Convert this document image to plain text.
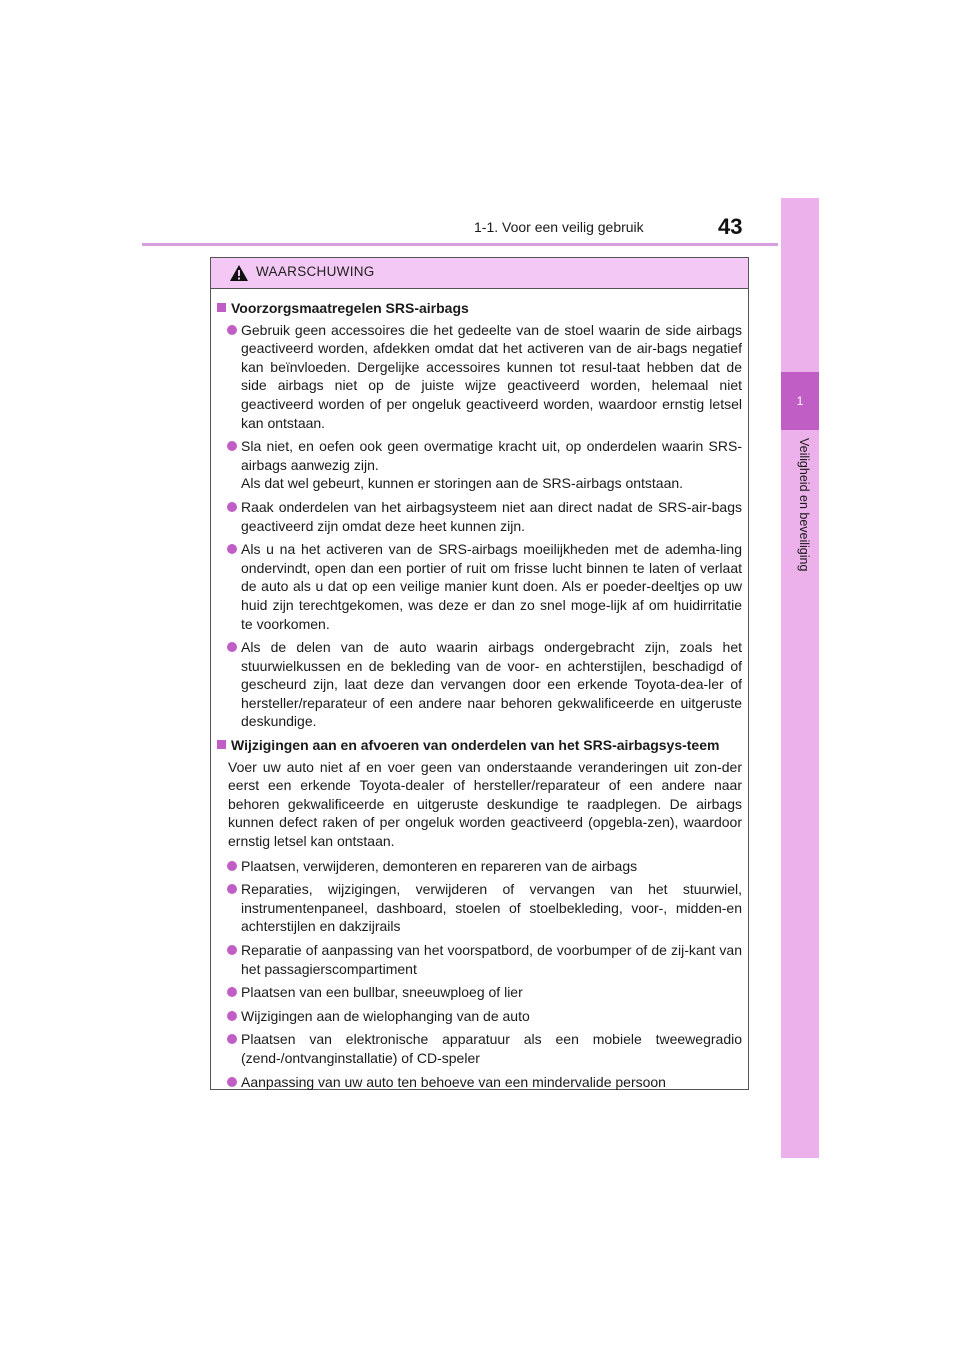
1-1. Voor een veilig gebruik	43
1
Veiligheid en beveiliging
WAARSCHUWING
Voorzorgsmaatregelen SRS-airbags
Gebruik geen accessoires die het gedeelte van de stoel waarin de side airbags geactiveerd worden, afdekken omdat dat het activeren van de air-bags negatief kan beïnvloeden. Dergelijke accessoires kunnen tot resul-taat hebben dat de side airbags niet op de juiste wijze geactiveerd worden, helemaal niet geactiveerd worden of per ongeluk geactiveerd worden, waardoor ernstig letsel kan ontstaan.
Sla niet, en oefen ook geen overmatige kracht uit, op onderdelen waarin SRS-airbags aanwezig zijn.
Als dat wel gebeurt, kunnen er storingen aan de SRS-airbags ontstaan.
Raak onderdelen van het airbagsysteem niet aan direct nadat de SRS-air-bags geactiveerd zijn omdat deze heet kunnen zijn.
Als u na het activeren van de SRS-airbags moeilijkheden met de ademha-ling ondervindt, open dan een portier of ruit om frisse lucht binnen te laten of verlaat de auto als u dat op een veilige manier kunt doen. Als er poeder-deeltjes op uw huid zijn terechtgekomen, was deze er dan zo snel moge-lijk af om huidirritatie te voorkomen.
Als de delen van de auto waarin airbags ondergebracht zijn, zoals het stuurwielkussen en de bekleding van de voor- en achterstijlen, beschadigd of gescheurd zijn, laat deze dan vervangen door een erkende Toyota-dea-ler of hersteller/reparateur of een andere naar behoren gekwalificeerde en uitgeruste deskundige.
Wijzigingen aan en afvoeren van onderdelen van het SRS-airbagsys-teem
Voer uw auto niet af en voer geen van onderstaande veranderingen uit zon-der eerst een erkende Toyota-dealer of hersteller/reparateur of een andere naar behoren gekwalificeerde en uitgeruste deskundige te raadplegen. De airbags kunnen defect raken of per ongeluk worden geactiveerd (opgebla-zen), waardoor ernstig letsel kan ontstaan.
Plaatsen, verwijderen, demonteren en repareren van de airbags
Reparaties, wijzigingen, verwijderen of vervangen van het stuurwiel, instrumentenpaneel, dashboard, stoelen of stoelbekleding, voor-, midden-en achterstijlen en dakzijrails
Reparatie of aanpassing van het voorspatbord, de voorbumper of de zij-kant van het passagierscompartiment
Plaatsen van een bullbar, sneeuwploeg of lier
Wijzigingen aan de wielophanging van de auto
Plaatsen van elektronische apparatuur als een mobiele tweewegradio (zend-/ontvanginstallatie) of CD-speler
Aanpassing van uw auto ten behoeve van een mindervalide persoon
